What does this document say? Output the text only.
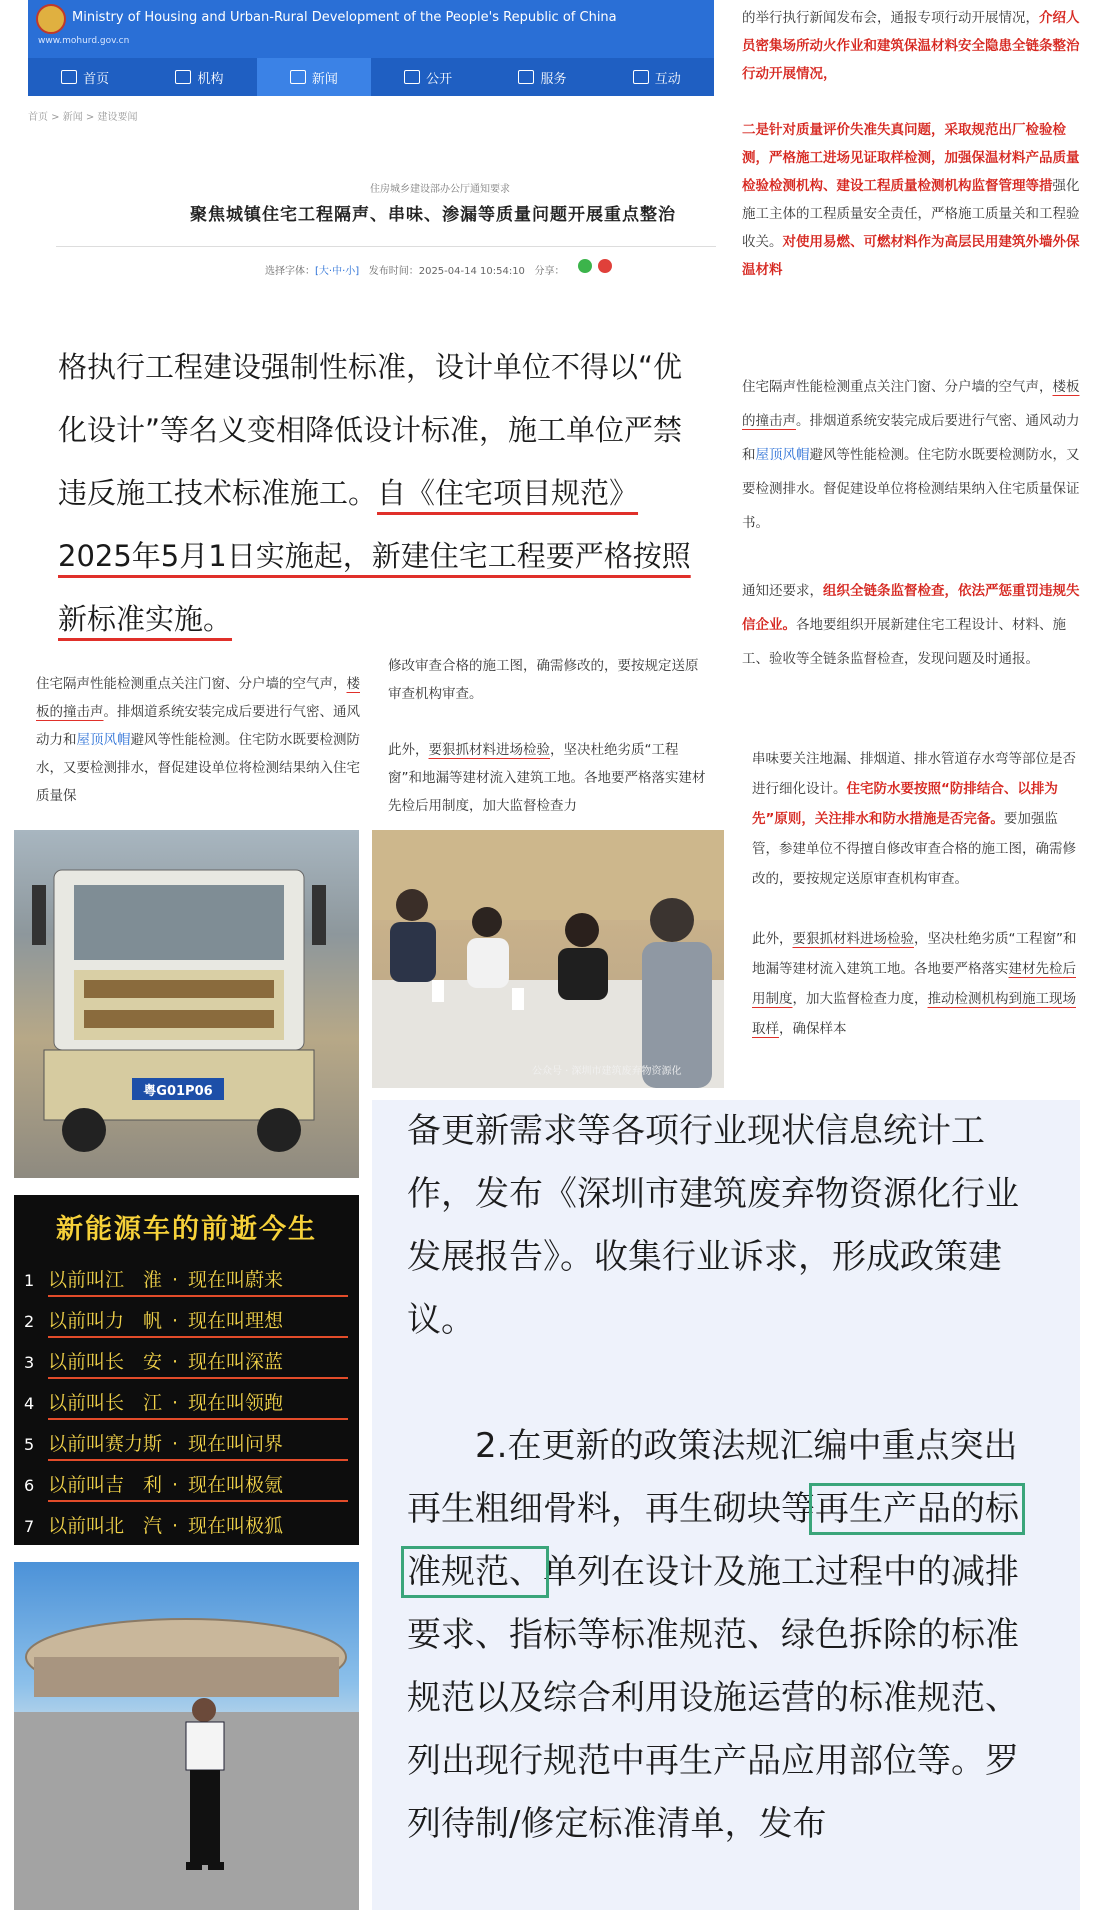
Ministry of Housing and Urban-Rural Development of the People's Republic of China
www.mohurd.gov.cn
首页	机构	新闻	公开	服务	互动
首页 > 新闻 > 建设要闻
住房城乡建设部办公厅通知要求
聚焦城镇住宅工程隔声、串味、渗漏等质量问题开展重点整治
选择字体：[大·中·小] 发布时间：2025-04-14 10:54:10 分享：
格执行工程建设强制性标准，设计单位不得以“优化设计”等名义变相降低设计标准，施工单位严禁违反施工技术标准施工。自《住宅项目规范》2025年5月1日实施起，新建住宅工程要严格按照新标准实施。
住宅隔声性能检测重点关注门窗、分户墙的空气声，楼板的撞击声。排烟道系统安装完成后要进行气密、通风动力和屋顶风帽避风等性能检测。住宅防水既要检测防水，又要检测排水，督促建设单位将检测结果纳入住宅质量保
修改审查合格的施工图，确需修改的，要按规定送原审查机构审查。

此外，要狠抓材料进场检验，坚决杜绝劣质“工程窗”和地漏等建材流入建筑工地。各地要严格落实建材先检后用制度，加大监督检查力
的举行执行新闻发布会，通报专项行动开展情况，介绍人员密集场所动火作业和建筑保温材料安全隐患全链条整治行动开展情况，

二是针对质量评价失准失真问题，采取规范出厂检验检测，严格施工进场见证取样检测，加强保温材料产品质量检验检测机构、建设工程质量检测机构监督管理等措强化施工主体的工程质量安全责任，严格施工质量关和工程验收关。对使用易燃、可燃材料作为高层民用建筑外墙外保温材料
住宅隔声性能检测重点关注门窗、分户墙的空气声，楼板的撞击声。排烟道系统安装完成后要进行气密、通风动力和屋顶风帽避风等性能检测。住宅防水既要检测防水，又要检测排水。督促建设单位将检测结果纳入住宅质量保证书。

通知还要求，组织全链条监督检查，依法严惩重罚违规失信企业。各地要组织开展新建住宅工程设计、材料、施工、验收等全链条监督检查，发现问题及时通报。
串味要关注地漏、排烟道、排水管道存水弯等部位是否进行细化设计。住宅防水要按照“防排结合、以排为先”原则，关注排水和防水措施是否完备。要加强监管，参建单位不得擅自修改审查合格的施工图，确需修改的，要按规定送原审查机构审查。

此外，要狠抓材料进场检验，坚决杜绝劣质“工程窗”和地漏等建材流入建筑工地。各地要严格落实建材先检后用制度，加大监督检查力度，推动检测机构到施工现场取样，确保样本
粤G01P06
公众号 · 深圳市建筑废弃物资源化
新能源车的前逝今生
1 以前叫江　淮 · 现在叫蔚来
2 以前叫力　帆 · 现在叫理想
3 以前叫长　安 · 现在叫深蓝
4 以前叫长　江 · 现在叫领跑
5 以前叫赛力斯 · 现在叫问界
6 以前叫吉　利 · 现在叫极氪
7 以前叫北　汽 · 现在叫极狐
备更新需求等各项行业现状信息统计工作，发布《深圳市建筑废弃物资源化行业发展报告》。收集行业诉求，形成政策建议。

　　2.在更新的政策法规汇编中重点突出再生粗细骨料，再生砌块等再生产品的标准规范、单列在设计及施工过程中的减排要求、指标等标准规范、绿色拆除的标准规范以及综合利用设施运营的标准规范、列出现行规范中再生产品应用部位等。罗列待制/修定标准清单，发布
